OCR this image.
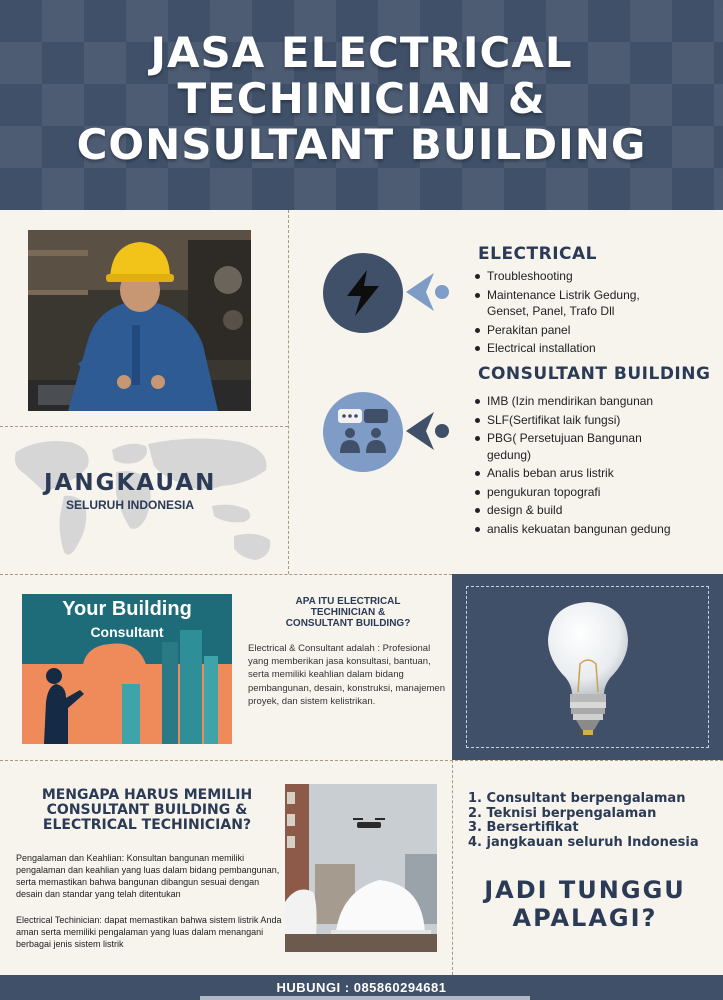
JASA ELECTRICAL
TECHINICIAN &
CONSULTANT BUILDING
ELECTRICAL
Troubleshooting
Maintenance Listrik Gedung, Genset, Panel, Trafo Dll
Perakitan panel
Electrical installation
CONSULTANT BUILDING
IMB (Izin mendirikan bangunan
SLF(Sertifikat laik fungsi)
PBG( Persetujuan Bangunan gedung)
Analis beban arus listrik
pengukuran topografi
design & build
analis kekuatan bangunan gedung
JANGKAUAN
SELURUH INDONESIA
Your Building
Consultant
APA ITU ELECTRICAL
TECHINICIAN &
CONSULTANT BUILDING?
Electrical & Consultant adalah : Profesional yang memberikan jasa konsultasi, bantuan, serta memiliki keahlian dalam bidang pembangunan, desain, konstruksi, manajemen proyek, dan sistem kelistrikan.
MENGAPA HARUS MEMILIH
CONSULTANT BUILDING &
ELECTRICAL TECHINICIAN?
Pengalaman dan Keahlian: Konsultan bangunan memiliki pengalaman dan keahlian yang luas dalam bidang pembangunan, serta memastikan bahwa bangunan dibangun sesuai dengan desain dan standar yang telah ditentukan
Electrical Techinician: dapat memastikan bahwa sistem listrik Anda aman serta memiliki pengalaman yang luas dalam menangani berbagai jenis sistem listrik
1. Consultant berpengalaman
2. Teknisi berpengalaman
3. Bersertifikat
4. jangkauan seluruh Indonesia
JADI TUNGGU
APALAGI?
HUBUNGI : 085860294681
